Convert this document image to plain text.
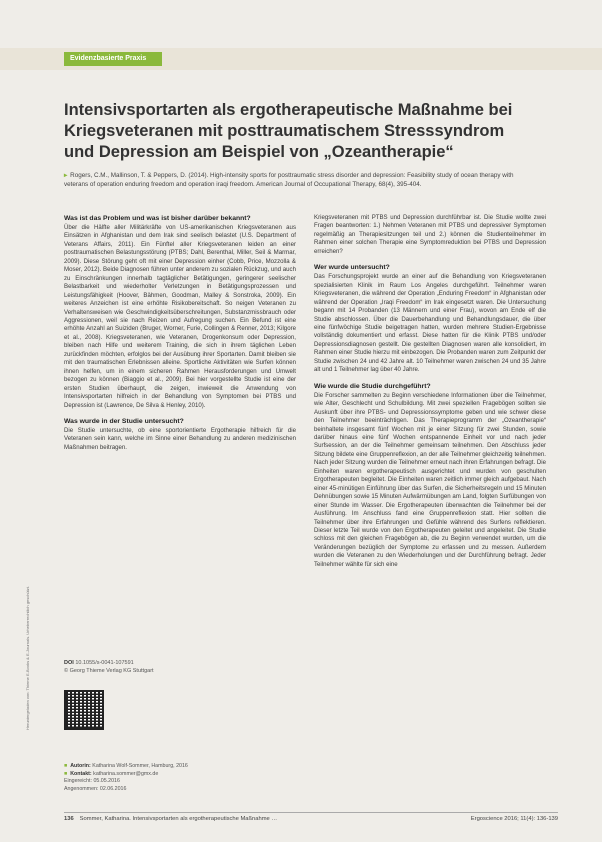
Evidenzbasierte Praxis
Heruntergeladen von: Thieme E-Books & E-Journals. Urheberrechtlich geschützt.
Intensivsportarten als ergotherapeutische Maßnahme bei Kriegsveteranen mit posttraumatischem Stresssyndrom und Depression am Beispiel von „Ozeantherapie“
▸ Rogers, C.M., Mallinson, T. & Peppers, D. (2014). High-intensity sports for posttraumatic stress disorder and depression: Feasibility study of ocean therapy with veterans of operation enduring freedom and operation iraqi freedom. American Journal of Occupational Therapy, 68(4), 395-404.
Was ist das Problem und was ist bisher darüber bekannt?

Über die Hälfte aller Militärkräfte von US-amerikanischen Kriegsveteranen aus Einsätzen in Afghanistan und dem Irak sind seelisch belastet (U.S. Department of Veterans Affairs, 2011). Ein Fünftel aller Kriegsveteranen leiden an einer posttraumatischen Belastungsstörung (PTBS; Dahl, Berenthal, Miller, Seil & Marmar, 2009). Diese Störung geht oft mit einer Depression einher (Cobb, Price, Mozzolla & Moser, 2012). Beide Diagnosen führen unter anderem zu sozialen Rückzug, und auch zu Einschränkungen innerhalb tagtäglicher Betätigungen, geringerer seelischer Belastbarkeit und wiederholter Verletzungen in Betätigungsprozessen und Leistungsfähigkeit (Hoover, Bähmen, Goodman, Malley & Sonstroka, 2009). Ein weiteres Anzeichen ist eine erhöhte Risikobereitschaft. So neigen Veteranen zu Verhaltensweisen wie Geschwindigkeitsüberschreitungen, Substanzmissbrauch oder Aggressionen, weil sie nach Reizen und Aufregung suchen. Ein Befund ist eine erhöhte Anzahl an Suiziden (Bruger, Worner, Furie, Collingen & Renner, 2013; Kilgore et al., 2008). Kriegsveteranen, wie Veteranen, Drogenkonsum oder Depression, bleiben nach Hilfe und weiterem Training, die sich in ihrem täglichen Leben zurückfinden möchten, erfolglos bei der Ausübung ihrer Sportarten. Damit bleiben sie mit den traumatischen Erlebnissen alleine. Sportliche Aktivitäten wie Surfen können ihnen helfen, um in einem sicheren Rahmen Herausforderungen und Umwelt bezogen zu können (Biaggio et al., 2009). Bei hier vorgestellte Studie ist eine der ersten Studien überhaupt, die zeigen, inwieweit die Anwendung von Intensivsportarten hilfreich in der Behandlung von Symptomen bei PTBS und Depression ist (Lawrence, De Silva & Henley, 2010).

Was wurde in der Studie untersucht?

Die Studie untersuchte, ob eine sportorientierte Ergotherapie hilfreich für die Veteranen sein kann, welche im Sinne einer Behandlung zu anderen medizinischen Maßnahmen beitragen.

Kriegsveteranen mit PTBS und Depression durchführbar ist. Die Studie wollte zwei Fragen beantworten: 1.) Nehmen Veteranen mit PTBS und depressiver Symptomen regelmäßig an Therapiesitzungen teil und 2.) können die Studienteilnehmer im Rahmen einer solchen Therapie eine Symptomreduktion bei PTBS und Depression erreichen?

Wer wurde untersucht?

Das Forschungsprojekt wurde an einer auf die Behandlung von Kriegsveteranen spezialisierten Klinik im Raum Los Angeles durchgeführt. Teilnehmer waren Kriegsveteranen, die während der Operation „Enduring Freedom“ in Afghanistan oder während der Operation „Iraqi Freedom“ im Irak eingesetzt waren. Die Untersuchung begann mit 14 Probanden (13 Männern und einer Frau), wovon am Ende elf die Studie abschlossen. Über die Dauerbehandlung und Behandlungsdauer, die über eine fünfwöchige Studie beigetragen hatten, wurden mehrere Studien-Ergebnisse vollständig dokumentiert und erfasst. Diese hatten für die Klinik PTBS und/oder Depressionsdiagnosen gestellt. Die gestellten Diagnosen waren alle konsolidiert, im Rahmen einer Studie hierzu mit einbezogen. Die Probanden waren zum Zeitpunkt der Studie zwischen 24 und 42 Jahre alt. 10 Teilnehmer waren zwischen 24 und 35 Jahre alt und 1 Teilnehmer lag über 40 Jahre.

Wie wurde die Studie durchgeführt?

Die Forscher sammelten zu Beginn verschiedene Informationen über die Teilnehmer, wie Alter, Geschlecht und Schulbildung. Mit zwei speziellen Fragebögen sollten sie Auskunft über ihre PTBS- und Depressionssymptome geben und wie schwer diese den Teilnehmer beeinträchtigen. Das Therapieprogramm der „Ozeantherapie“ beinhaltete insgesamt fünf Wochen mit je einer Sitzung für zwei Stunden, sowie darüber hinaus eine fünf Wochen entspannende Einheit vor und nach jeder Surfsession, an der die Teilnehmer gemeinsam teilnehmen. Den Abschluss jeder Sitzung bildete eine Gruppenreflexion, an der alle Teilnehmer gleichzeitig teilnehmen. Nach jeder Sitzung wurden die Teilnehmer erneut nach ihren Erfahrungen befragt. Die Einheiten waren ergotherapeutisch ausgerichtet und wurden von geschulten Ergotherapeuten begleitet. Die Einheiten waren zeitlich immer gleich aufgebaut. Nach einer 45-minütigen Einführung über das Surfen, die Sicherheitsregeln und 15 Minuten Dehnübungen sowie 15 Minuten Aufwärmübungen am Land, folgten Surfübungen von einer Stunde im Wasser. Die Ergotherapeuten überwachten die Teilnehmer bei der Ausführung. Im Anschluss fand eine Gruppenreflexion statt. Hier sollten die Teilnehmer über ihre Erfahrungen und Gefühle während des Surfens reflektieren. Dieser letzte Teil wurde von den Ergotherapeuten geleitet und angeleitet. Die Studie schloss mit den gleichen Fragebögen ab, die zu Beginn verwendet wurden, um die Veränderungen bezüglich der Symptome zu erfassen und zu messen. Außerdem wurden die Veteranen zu den Wiederholungen und der Durchführung befragt. Jeder Teilnehmer wählte für sich eine

DOI 10.1055/s-0041-107591
© Georg Thieme Verlag KG Stuttgart
■ Autorin: Katharina Wolf-Sommer, Hamburg, 2016
■ Kontakt: katharina.sommer@gmx.de
Eingereicht: 05.05.2016
Angenommen: 02.06.2016
136 Sommer, Katharina. Intensivsportarten als ergotherapeutische Maßnahme …	Ergoscience 2016; 11(4): 136-139
